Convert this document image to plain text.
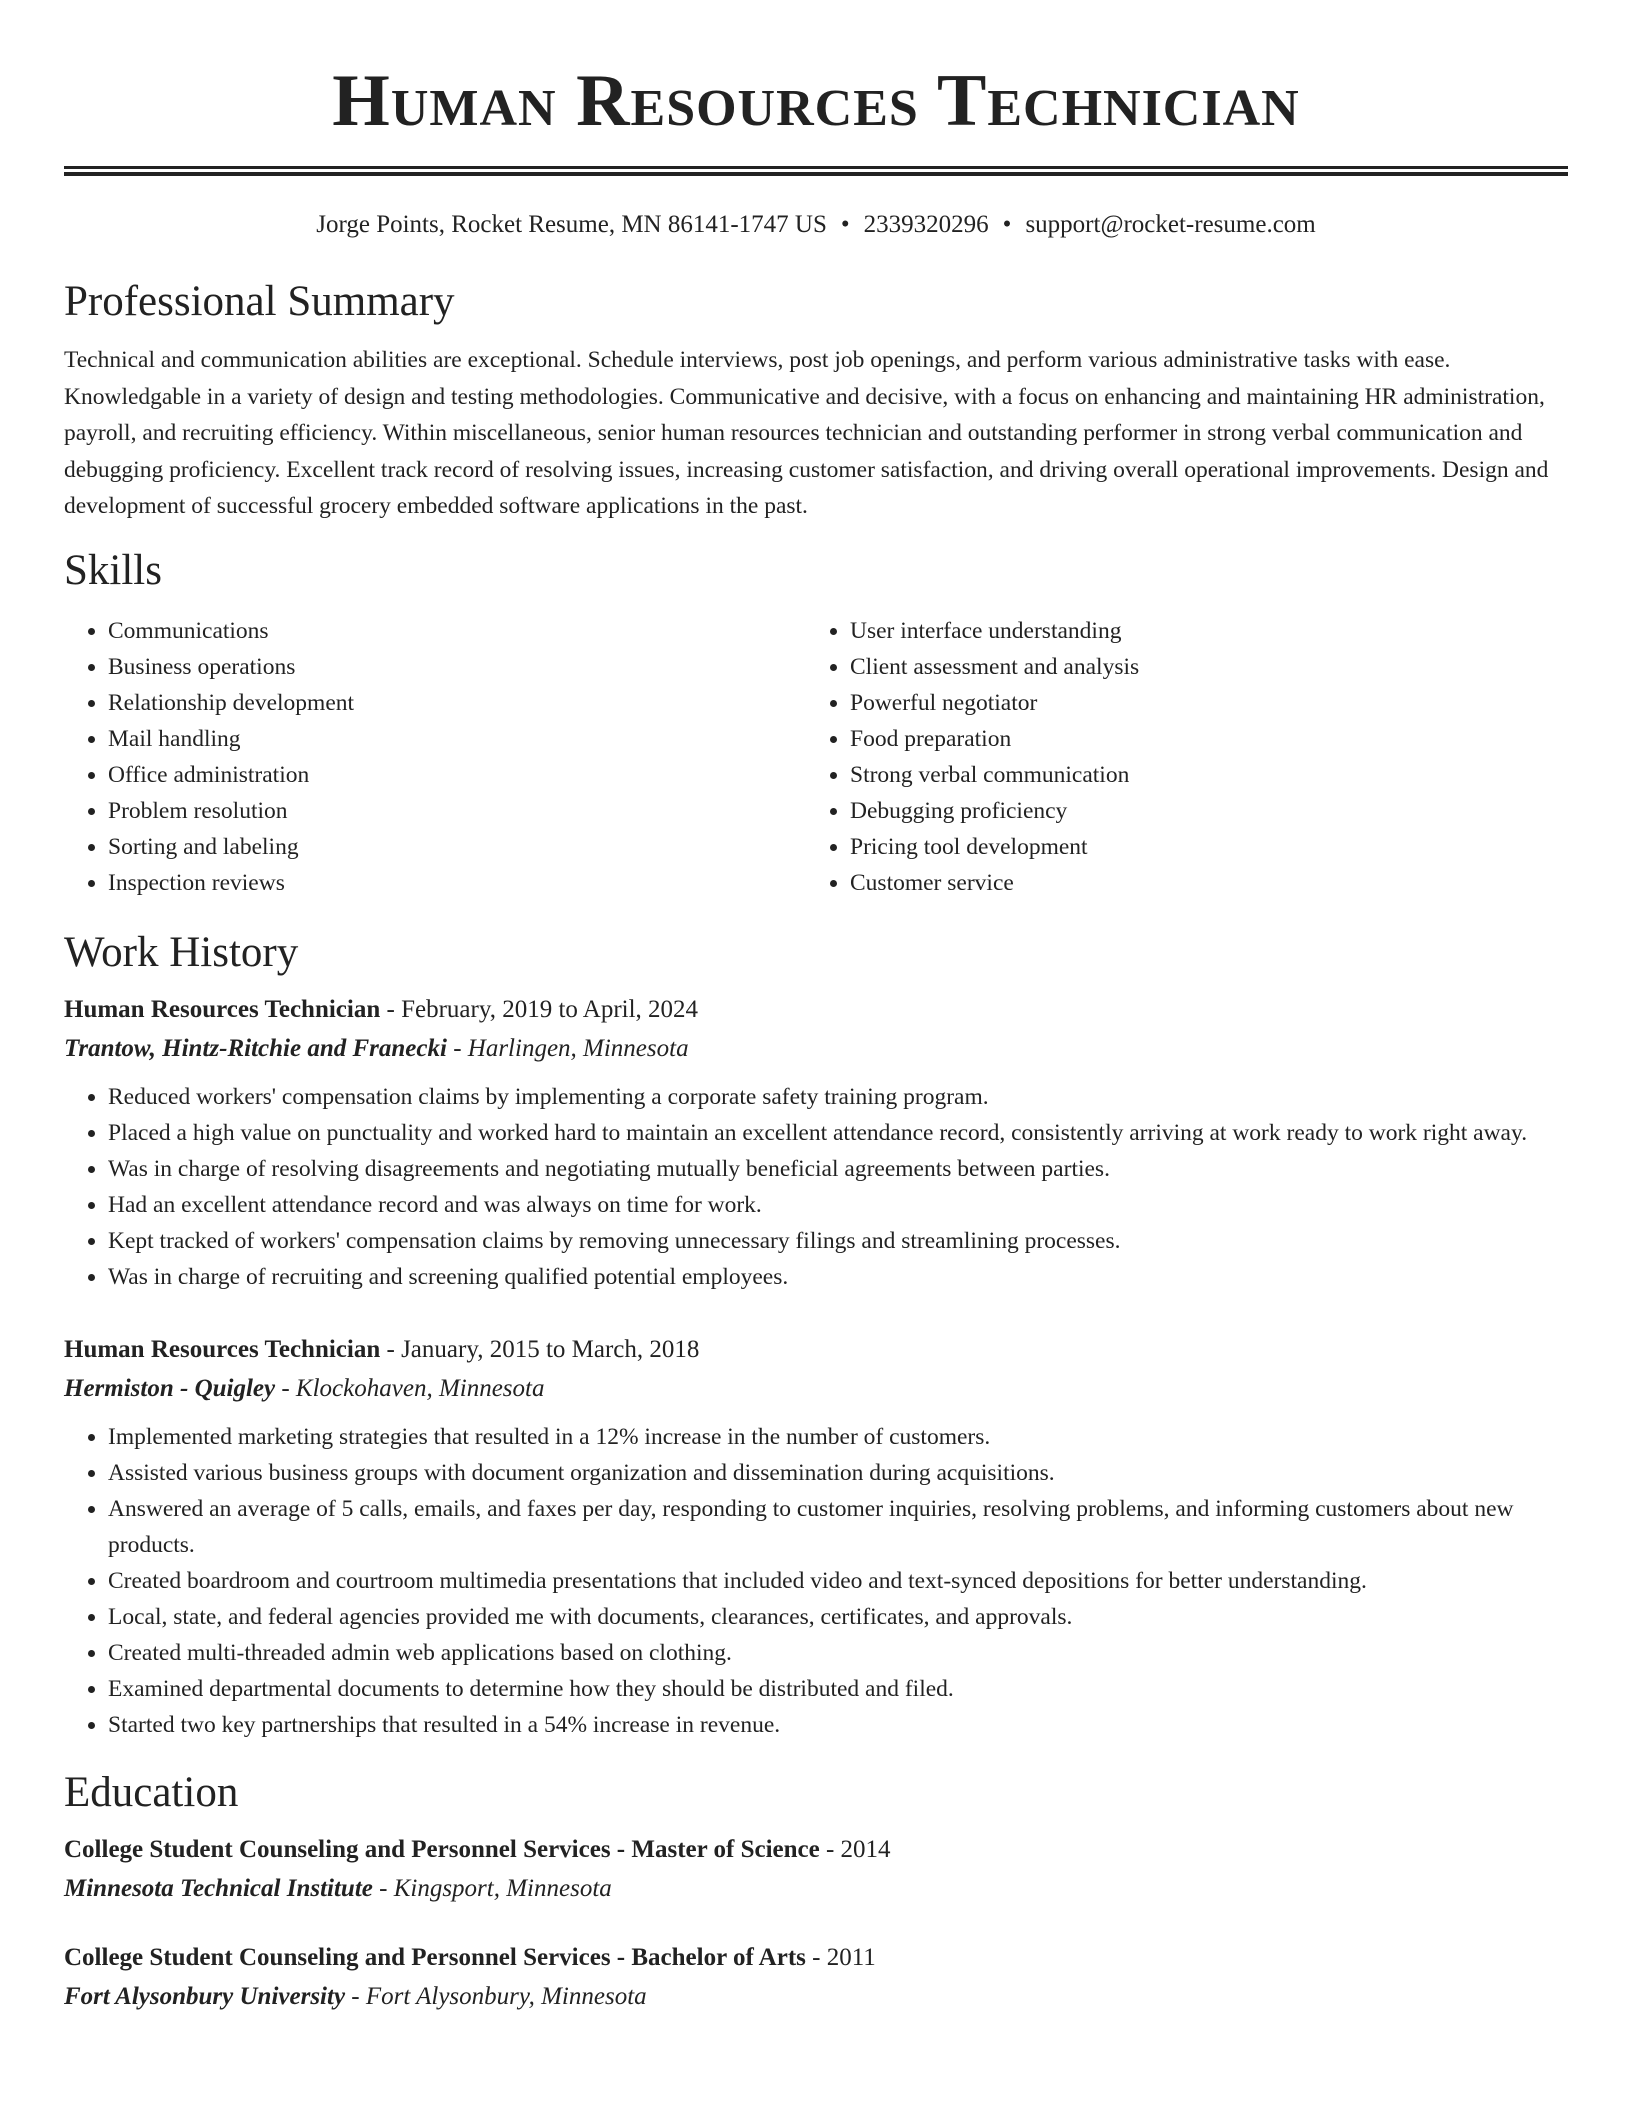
Human Resources Technician
Jorge Points, Rocket Resume, MN 86141-1747 US • 2339320296 • support@rocket-resume.com
Professional Summary

Technical and communication abilities are exceptional. Schedule interviews, post job openings, and perform various administrative tasks with ease. Knowledgable in a variety of design and testing methodologies. Communicative and decisive, with a focus on enhancing and maintaining HR administration, payroll, and recruiting efficiency. Within miscellaneous, senior human resources technician and outstanding performer in strong verbal communication and debugging proficiency. Excellent track record of resolving issues, increasing customer satisfaction, and driving overall operational improvements. Design and development of successful grocery embedded software applications in the past.

Skills
• Communications
• Business operations
• Relationship development
• Mail handling
• Office administration
• Problem resolution
• Sorting and labeling
• Inspection reviews
• User interface understanding
• Client assessment and analysis
• Powerful negotiator
• Food preparation
• Strong verbal communication
• Debugging proficiency
• Pricing tool development
• Customer service
Work History
Human Resources Technician - February, 2019 to April, 2024
Trantow, Hintz-Ritchie and Franecki - Harlingen, Minnesota
• Reduced workers' compensation claims by implementing a corporate safety training program.
• Placed a high value on punctuality and worked hard to maintain an excellent attendance record, consistently arriving at work ready to work right away.
• Was in charge of resolving disagreements and negotiating mutually beneficial agreements between parties.
• Had an excellent attendance record and was always on time for work.
• Kept tracked of workers' compensation claims by removing unnecessary filings and streamlining processes.
• Was in charge of recruiting and screening qualified potential employees.
Human Resources Technician - January, 2015 to March, 2018
Hermiston - Quigley - Klockohaven, Minnesota
• Implemented marketing strategies that resulted in a 12% increase in the number of customers.
• Assisted various business groups with document organization and dissemination during acquisitions.
• Answered an average of 5 calls, emails, and faxes per day, responding to customer inquiries, resolving problems, and informing customers about new products.
• Created boardroom and courtroom multimedia presentations that included video and text-synced depositions for better understanding.
• Local, state, and federal agencies provided me with documents, clearances, certificates, and approvals.
• Created multi-threaded admin web applications based on clothing.
• Examined departmental documents to determine how they should be distributed and filed.
• Started two key partnerships that resulted in a 54% increase in revenue.
Education
College Student Counseling and Personnel Services - Master of Science - 2014
Minnesota Technical Institute - Kingsport, Minnesota
College Student Counseling and Personnel Services - Bachelor of Arts - 2011
Fort Alysonbury University - Fort Alysonbury, Minnesota
